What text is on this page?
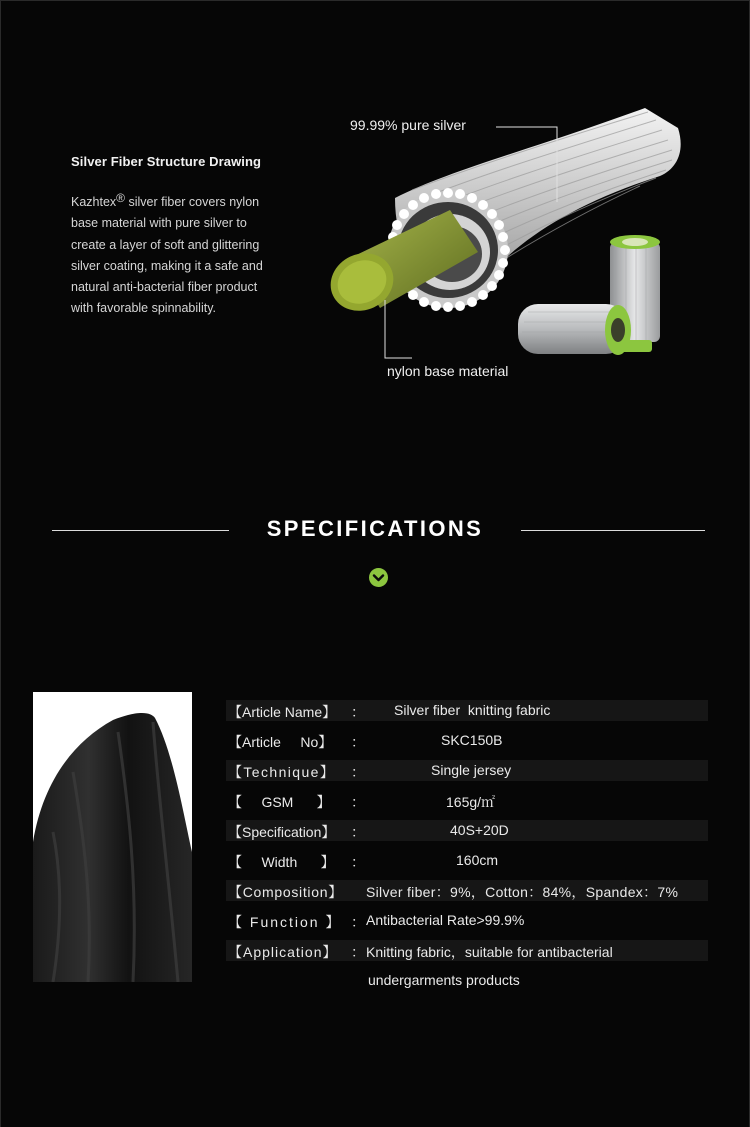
Silver Fiber Structure Drawing
Kazhtex® silver fiber covers nylon base material with pure silver to create a layer of soft and glittering silver coating, making it a safe and natural anti-bacterial fiber product with favorable spinnability.
99.99% pure silver
nylon base material
SPECIFICATIONS
【Article Name】 ： Silver fiber  knitting fabric
【Article     No】 ：	SKC150B
【Technique】 ：	Single jersey
【     GSM      】 ：	165g/㎡
【Specification】 ：	40S+20D
【     Width      】 ：	160cm
【Composition】 Silver fiber：9%，Cotton：84%，Spandex：7%
【 Function 】 ： Antibacterial Rate>99.9%
【Application】 ： Knitting fabric，suitable for antibacterial
undergarments products
